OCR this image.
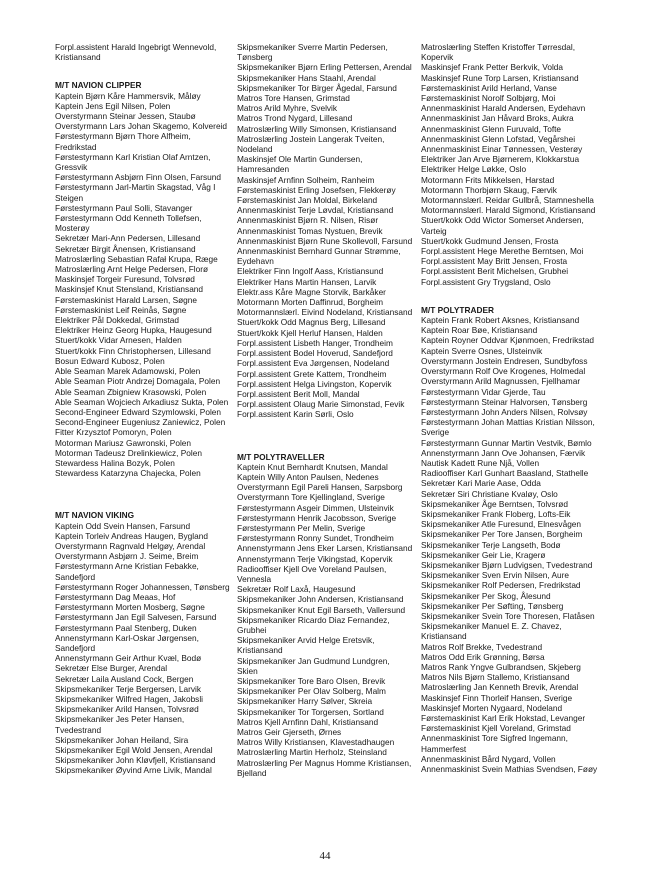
Forpl.assistent Harald Ingebrigt Wennevold,
Kristiansand
M/T NAVION CLIPPER
Kaptein Bjørn Kåre Hammersvik, Måløy
Kaptein Jens Egil Nilsen, Polen
Overstyrmann Steinar Jessen, Staubø
Overstyrmann Lars Johan Skagemo, Kolvereid
Førstestyrmann Bjørn Thore Alfheim,
Fredrikstad
Førstestyrmann Karl Kristian Olaf Arntzen,
Gressvik
Førstestyrmann Asbjørn Finn Olsen, Farsund
Førstestyrmann Jarl-Martin Skagstad, Våg I
Steigen
Førstestyrmann Paul Solli, Stavanger
Førstestyrmann Odd Kenneth Tollefsen,
Mosterøy
Sekretær Mari-Ann Pedersen, Lillesand
Sekretær Birgit Ånensen, Kristiansand
Matroslærling Sebastian Rafał Krupa, Ræge
Matroslærling Arnt Helge Pedersen, Florø
Maskinsjef Torgeir Furesund, Tolvsrød
Maskinsjef Knut Stensland, Kristiansand
Førstemaskinist Harald Larsen, Søgne
Førstemaskinist Leif Reinås, Søgne
Elektriker Pål Dokkedal, Grimstad
Elektriker Heinz Georg Hupka, Haugesund
Stuert/kokk Vidar Arnesen, Halden
Stuert/kokk Finn Christophersen, Lillesand
Bosun Edward Kubosz, Polen
Able Seaman Marek Adamowski, Polen
Able Seaman Piotr Andrzej Domagala, Polen
Able Seaman Zbigniew Krasowski, Polen
Able Seaman Wojciech Arkadiusz Sukta, Polen
Second-Engineer Edward Szymlowski, Polen
Second-Engineer Eugeniusz Zaniewicz, Polen
Fitter Krzysztof Pomoryn, Polen
Motorman Mariusz Gawronski, Polen
Motorman Tadeusz Drelinkiewicz, Polen
Stewardess Halina Bozyk, Polen
Stewardess Katarzyna Chajecka, Polen
M/T NAVION VIKING
Kaptein Odd Svein Hansen, Farsund
Kaptein Torleiv Andreas Haugen, Bygland
Overstyrmann Ragnvald Helgøy, Arendal
Overstyrmann Asbjørn J. Seime, Breim
Førstestyrmann Arne Kristian Febakke,
Sandefjord
Førstestyrmann Roger Johannessen, Tønsberg
Førstestyrmann Dag Meaas, Hof
Førstestyrmann Morten Mosberg, Søgne
Førstestyrmann Jan Egil Salvesen, Farsund
Førstestyrmann Paal Stenberg, Duken
Annenstyrmann Karl-Oskar Jørgensen,
Sandefjord
Annenstyrmann Geir Arthur Kvæl, Bodø
Sekretær Else Burger, Arendal
Sekretær Laila Ausland Cock, Bergen
Skipsmekaniker Terje Bergersen, Larvik
Skipsmekaniker Wilfred Hagen, Jakobsli
Skipsmekaniker Arild Hansen, Tolvsrød
Skipsmekaniker Jes Peter Hansen,
Tvedestrand
Skipsmekaniker Johan Heiland, Sira
Skipsmekaniker Egil Wold Jensen, Arendal
Skipsmekaniker John Kløvfjell, Kristiansand
Skipsmekaniker Øyvind Arne Livik, Mandal
Skipsmekaniker Sverre Martin Pedersen,
Tønsberg
Skipsmekaniker Bjørn Erling Pettersen, Arendal
Skipsmekaniker Hans Staahl, Arendal
Skipsmekaniker Tor Birger Ågedal, Farsund
Matros Tore Hansen, Grimstad
Matros Arild Myhre, Svelvik
Matros Trond Nygard, Lillesand
Matroslærling Willy Simonsen, Kristiansand
Matroslærling Jostein Langerak Tveiten,
Nodeland
Maskinsjef Ole Martin Gundersen,
Hamresanden
Maskinsjef Arnfinn Solheim, Ranheim
Førstemaskinist Erling Josefsen, Flekkerøy
Førstemaskinist Jan Moldal, Birkeland
Annenmaskinist Terje Løvdal, Kristiansand
Annenmaskinist Bjørn R. Nilsen, Risør
Annenmaskinist Tomas Nystuen, Brevik
Annenmaskinist Bjørn Rune Skollevoll, Farsund
Annenmaskinist Bernhard Gunnar Strømme,
Eydehavn
Elektriker Finn Ingolf Aass, Kristiansund
Elektriker Hans Martin Hansen, Larvik
Elektr.ass Kåre Magne Storvik, Barkåker
Motormann Morten Daffinrud, Borgheim
Motormannslærl. Eivind Nodeland, Kristiansand
Stuert/kokk Odd Magnus Berg, Lillesand
Stuert/kokk Kjell Herluf Hansen, Halden
Forpl.assistent Lisbeth Hanger, Trondheim
Forpl.assistent Bodel Hoverud, Sandefjord
Forpl.assistent Eva Jørgensen, Nodeland
Forpl.assistent Grete Kattem, Trondheim
Forpl.assistent Helga Livingston, Kopervik
Forpl.assistent Berit Moll, Mandal
Forpl.assistent Olaug Marie Simonstad, Fevik
Forpl.assistent Karin Sørli, Oslo
M/T POLYTRAVELLER
Kaptein Knut Bernhardt Knutsen, Mandal
Kaptein Willy Anton Paulsen, Nedenes
Overstyrmann Egil Pareli Hansen, Sarpsborg
Overstyrmann Tore Kjellingland, Sverige
Førstestyrmann Asgeir Dimmen, Ulsteinvik
Førstestyrmann Henrik Jacobsson, Sverige
Førstestyrmann Per Melin, Sverige
Førstestyrmann Ronny Sundet, Trondheim
Annenstyrmann Jens Eker Larsen, Kristiansand
Annenstyrmann Terje Vikingstad, Kopervik
Radiooffiser Kjell Ove Voreland Paulsen,
Vennesla
Sekretær Rolf Laxå, Haugesund
Skipsmekaniker John Andersen, Kristiansand
Skipsmekaniker Knut Egil Barseth, Vallersund
Skipsmekaniker Ricardo Diaz Fernandez,
Grubhei
Skipsmekaniker Arvid Helge Eretsvik,
Kristiansand
Skipsmekaniker Jan Gudmund Lundgren,
Skien
Skipsmekaniker Tore Baro Olsen, Brevik
Skipsmekaniker Per Olav Solberg, Malm
Skipsmekaniker Harry Sølver, Skreia
Skipsmekaniker Tor Torgersen, Sortland
Matros Kjell Arnfinn Dahl, Kristiansand
Matros Geir Gjerseth, Ørnes
Matros Willy Kristiansen, Klavestadhaugen
Matroslærling Martin Herholz, Steinsland
Matroslærling Per Magnus Homme Kristiansen,
Bjelland
Matroslærling Steffen Kristoffer Tørresdal,
Kopervik
Maskinsjef Frank Petter Berkvik, Volda
Maskinsjef Rune Torp Larsen, Kristiansand
Førstemaskinist Arild Herland, Vanse
Førstemaskinist Norolf Solbjørg, Moi
Annenmaskinist Harald Andersen, Eydehavn
Annenmaskinist Jan Håvard Broks, Aukra
Annenmaskinist Glenn Furuvald, Tofte
Annenmaskinist Glenn Lofstad, Vegårshei
Annenmaskinist Einar Tønnessen, Vesterøy
Elektriker Jan Arve Bjørnerem, Klokkarstua
Elektriker Helge Løkke, Oslo
Motormann Frits Mikkelsen, Harstad
Motormann Thorbjørn Skaug, Færvik
Motormannslærl. Reidar Gullbrå, Stamneshella
Motormannslærl. Harald Sigmond, Kristiansand
Stuert/kokk Odd Wictor Somerset Andersen,
Varteig
Stuert/kokk Gudmund Jensen, Frosta
Forpl.assistent Hege Merethe Berntsen, Moi
Forpl.assistent May Britt Jensen, Frosta
Forpl.assistent Berit Michelsen, Grubhei
Forpl.assistent Gry Trygsland, Oslo
M/T POLYTRADER
Kaptein Frank Robert Aksnes, Kristiansand
Kaptein Roar Bøe, Kristiansand
Kaptein Royner Oddvar Kjønmoen, Fredrikstad
Kaptein Sverre Osnes, Ulsteinvik
Overstyrmann Jostein Endresen, Sundbyfoss
Overstyrmann Rolf Ove Krogenes, Holmedal
Overstyrmann Arild Magnussen, Fjellhamar
Førstestyrmann Vidar Gjerde, Tau
Førstestyrmann Steinar Halvorsen, Tønsberg
Førstestyrmann John Anders Nilsen, Rolvsøy
Førstestyrmann Johan Mattias Kristian Nilsson,
Sverige
Førstestyrmann Gunnar Martin Vestvik, Bømlo
Annenstyrmann Jann Ove Johansen, Færvik
Nautisk Kadett Rune Njå, Vollen
Radiooffiser Karl Gunhart Baasland, Stathelle
Sekretær Kari Marie Aase, Odda
Sekretær Siri Christiane Kvaløy, Oslo
Skipsmekaniker Åge Berntsen, Tolvsrød
Skipsmekaniker Frank Floberg, Lofts-Eik
Skipsmekaniker Atle Furesund, Elnesvågen
Skipsmekaniker Per Tore Jansen, Borgheim
Skipsmekaniker Terje Langseth, Bodø
Skipsmekaniker Geir Lie, Kragerø
Skipsmekaniker Bjørn Ludvigsen, Tvedestrand
Skipsmekaniker Sven Ervin Nilsen, Aure
Skipsmekaniker Rolf Pedersen, Fredrikstad
Skipsmekaniker Per Skog, Ålesund
Skipsmekaniker Per Søfting, Tønsberg
Skipsmekaniker Svein Tore Thoresen, Flatåsen
Skipsmekaniker Manuel E. Z. Chavez,
Kristiansand
Matros Rolf Brekke, Tvedestrand
Matros Odd Erik Grønning, Børsa
Matros Rank Yngve Gulbrandsen, Skjeberg
Matros Nils Bjørn Stallemo, Kristiansand
Matroslærling Jan Kenneth Brevik, Arendal
Maskinsjef Finn Thorleif Hansen, Sverige
Maskinsjef Morten Nygaard, Nodeland
Førstemaskinist Karl Erik Hokstad, Levanger
Førstemaskinist Kjell Voreland, Grimstad
Annenmaskinist Tore Sigfred Ingemann,
Hammerfest
Annenmaskinist Bård Nygard, Vollen
Annenmaskinist Svein Mathias Svendsen, Føøy
44
